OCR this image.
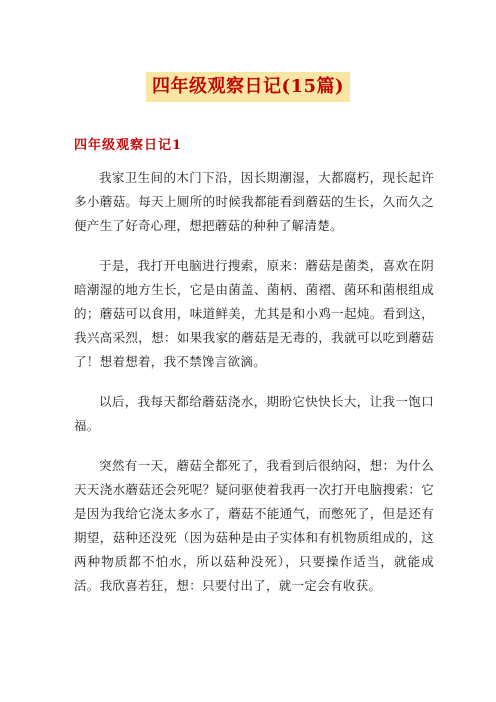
四年级观察日记(15篇)
四年级观察日记1

我家卫生间的木门下沿，因长期潮湿，大都腐朽，现长起许多小蘑菇。每天上厕所的时候我都能看到蘑菇的生长，久而久之便产生了好奇心理，想把蘑菇的种种了解清楚。

于是，我打开电脑进行搜索，原来：蘑菇是菌类，喜欢在阴暗潮湿的地方生长，它是由菌盖、菌柄、菌褶、菌环和菌根组成的；蘑菇可以食用，味道鲜美，尤其是和小鸡一起炖。看到这，我兴高采烈，想：如果我家的蘑菇是无毒的，我就可以吃到蘑菇了！想着想着，我不禁馋言欲滴。

以后，我每天都给蘑菇浇水，期盼它快快长大，让我一饱口福。

突然有一天，蘑菇全都死了，我看到后很纳闷，想：为什么天天浇水蘑菇还会死呢？疑问驱使着我再一次打开电脑搜索：它是因为我给它浇太多水了，蘑菇不能通气，而憋死了，但是还有期望，菇种还没死（因为菇种是由子实体和有机物质组成的，这两种物质都不怕水，所以菇种没死），只要操作适当，就能成活。我欣喜若狂，想：只要付出了，就一定会有收获。
